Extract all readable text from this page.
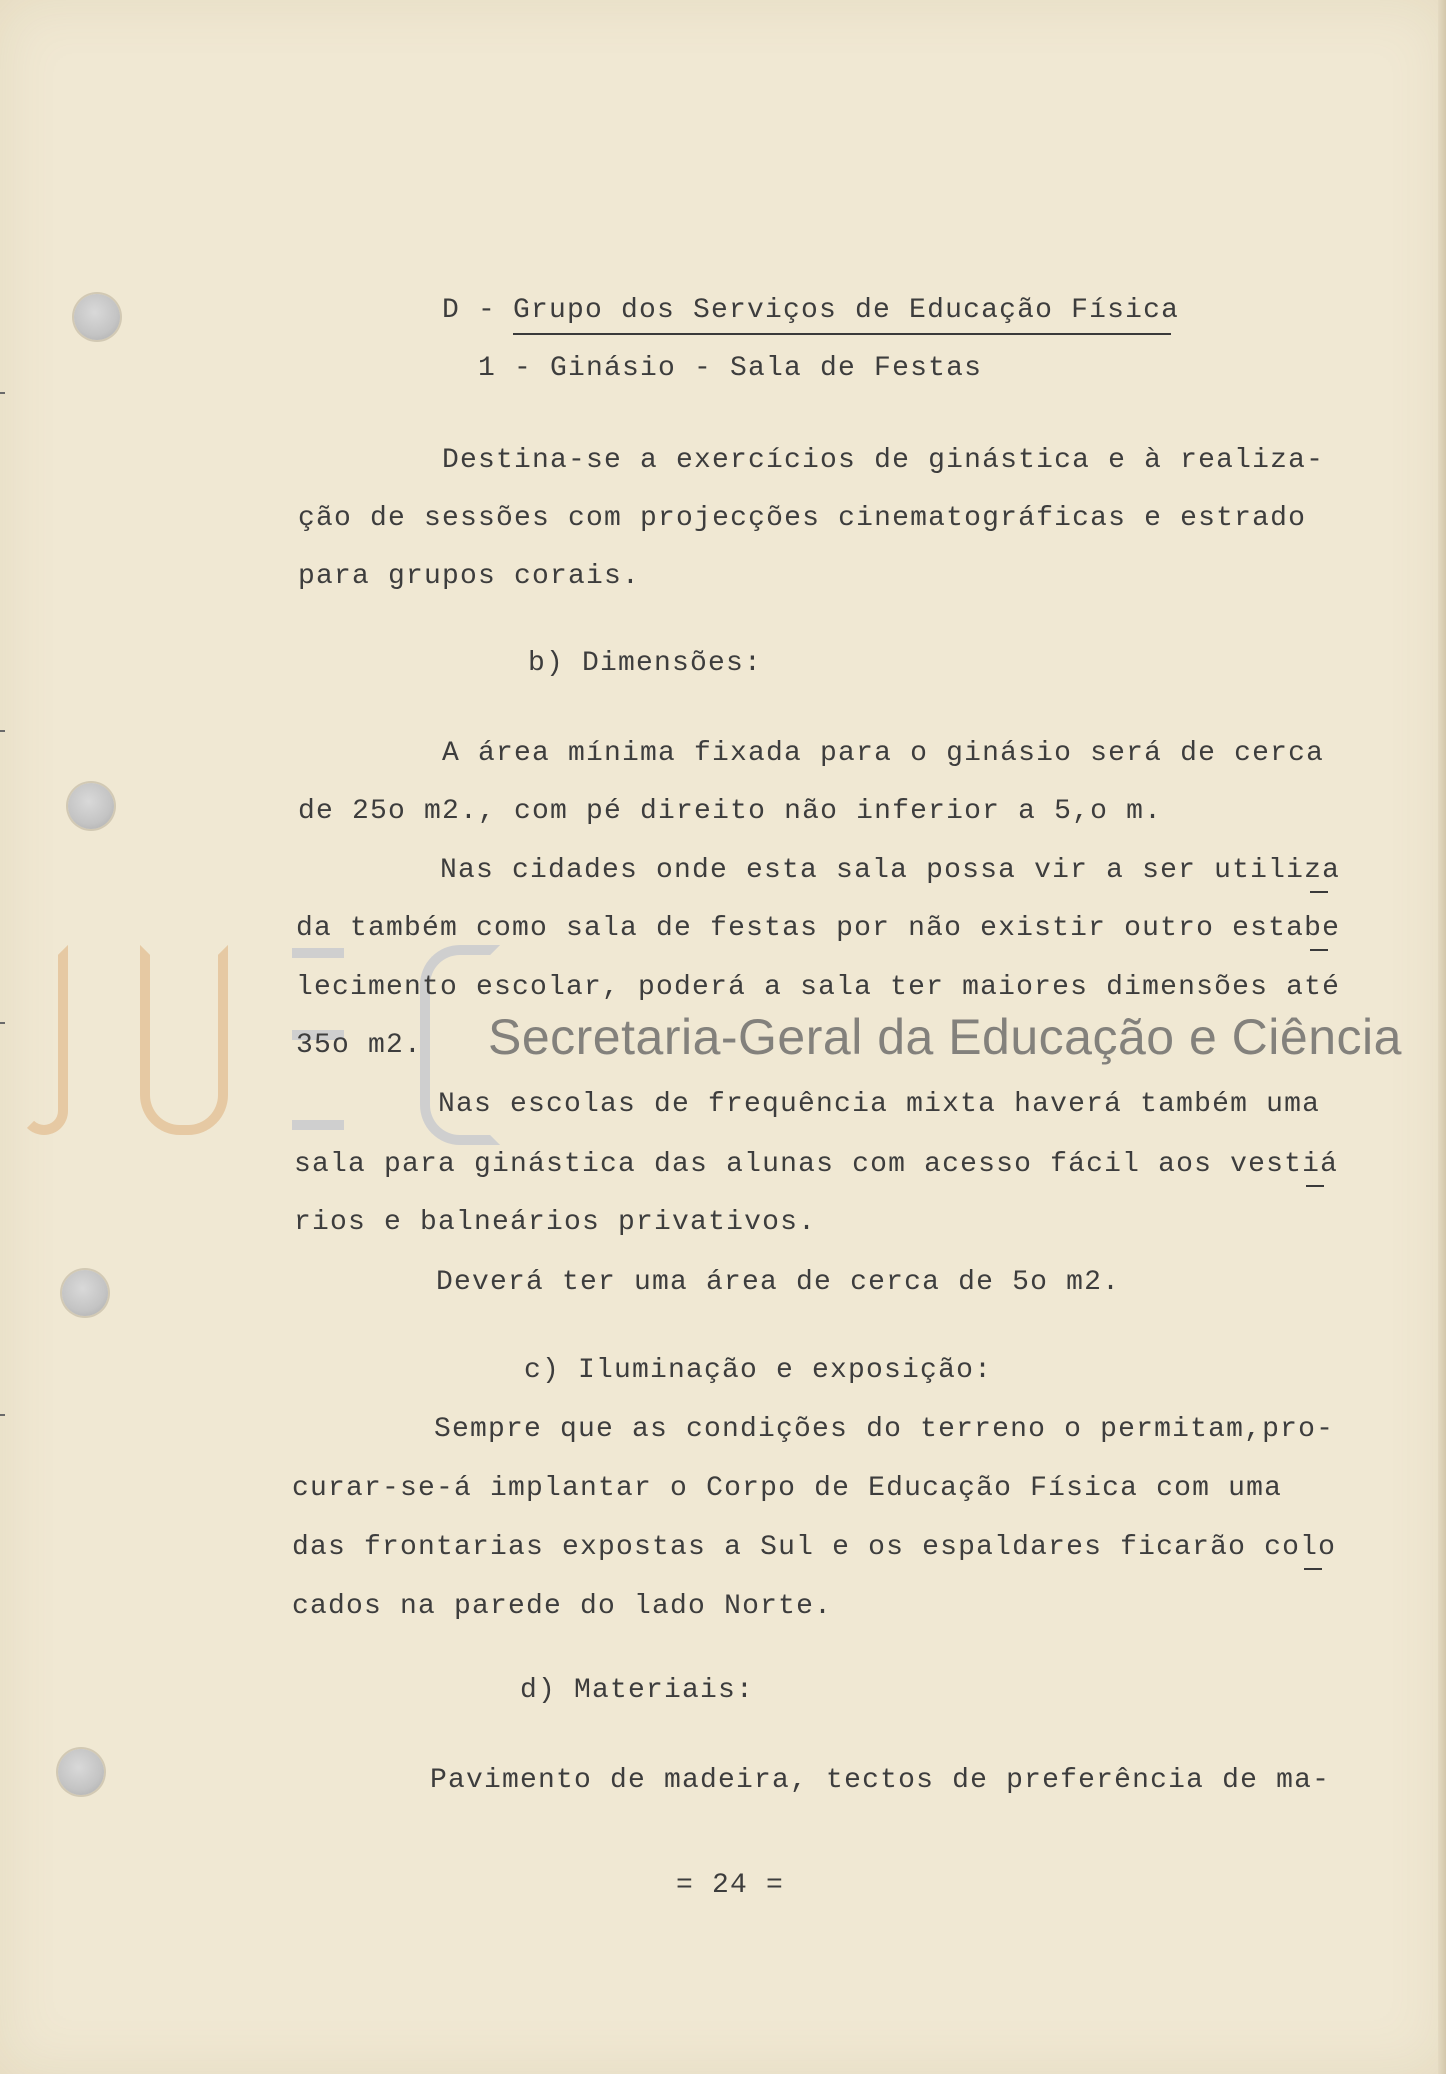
Secretaria-Geral da Educação e Ciência
D - Grupo dos Serviços de Educação Física
1 - Ginásio - Sala de Festas
Destina-se a exercícios de ginástica e à realiza-
ção de sessões com projecções cinematográficas e estrado
para grupos corais.
b) Dimensões:
A área mínima fixada para o ginásio será de cerca
de 25o m2., com pé direito não inferior a 5,o m.
Nas cidades onde esta sala possa vir a ser utiliza
da também como sala de festas por não existir outro estabe
lecimento escolar, poderá a sala ter maiores dimensões até
35o m2.
Nas escolas de frequência mixta haverá também uma
sala para ginástica das alunas com acesso fácil aos vestiá
rios e balneários privativos.
Deverá ter uma área de cerca de 5o m2.
c) Iluminação e exposição:
Sempre que as condições do terreno o permitam,pro-
curar-se-á implantar o Corpo de Educação Física com uma
das frontarias expostas a Sul e os espaldares ficarão colo
cados na parede do lado Norte.
d) Materiais:
Pavimento de madeira, tectos de preferência de ma-
= 24 =
